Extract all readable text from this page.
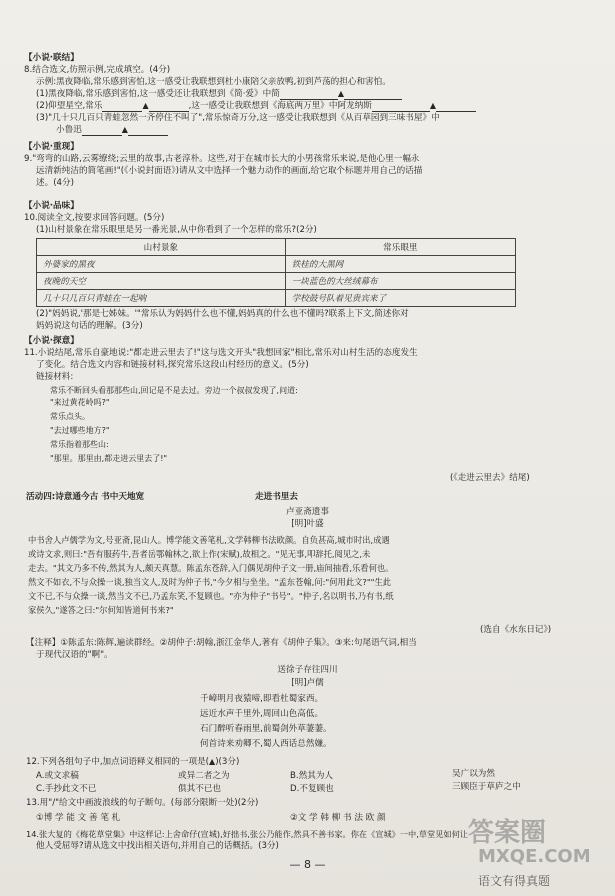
【小说·联结】
8.结合选文,仿照示例,完成填空。(4分)
示例:黑夜降临,常乐感到害怕,这一感受让我联想到杜小康陪父亲放鸭,初到芦荡的担心和害怕。
(1)黑夜降临,常乐感到害怕,这一感受还让我联想到《简·爱》中简	▲
(2)仰望星空,常乐	▲	,这一感受让我联想到《海底两万里》中阿龙纳斯	▲
(3)"几十只几百只青蛙忽然一齐停住不叫了",常乐惊奇万分,这一感受让我联想到《从百草园到三味书屋》中
小鲁迅	▲
【小说·重现】
9."弯弯的山路,云雾缭绕;云里的故事,古老淳朴。这些,对于在城市长大的小男孩常乐来说,是他心里一幅永
远清新纯洁的简笔画!"(《小说封面语》)请从文中选择一个魅力动作的画面,给它取个标题并用自己的话描
述。(4分)
【小说·品味】
10.阅读全文,按要求回答问题。(5分)
(1)山村景象在常乐眼里是另一番光景,从中你看到了一个怎样的常乐?(2分)
山村景象	常乐眼里
外婆家的黑夜	铁桂的大黑网
夜晚的天空	一块蓝色的大丝绒幕布
几十只几百只青蛙在一起响	学校鼓号队着见贵宾来了
(2)"妈妈说,'那是七姊妹。'"常乐认为妈妈什么也不懂,妈妈真的什么也不懂吗?联系上下文,简述你对
妈妈说这句话的理解。(3分)
【小说·探意】
11.小说结尾,常乐自豪地说:"都走进云里去了!"这与选文开头"我想回家"相比,常乐对山村生活的态度发生
了变化。结合选文内容和链接材料,探究常乐这段山村经历的意义。(5分)
链接材料:
常乐不断回头看那那些山,回记是不是去过。旁边一个叔叔发现了,问道:
"来过黄花岭吗?"
常乐点头。
"去过哪些地方?"
常乐指着那些山:
"那里。那里由,都走进云里去了!"
(《走进云里去》结尾)
活动四:诗意通今古 书中天地宽	走进书里去
卢亚斋遗事
[明]叶盛
中书舍人卢儒学为文,号亚斋,昆山人。博学能文善笔札,文学韩柳书法欧颜。自负甚高,城市时出,成遇
或诗文求,则曰:"吾有服药牛,吾者岳鄂翰林之,欲上作(宋赋),故相之。"见无事,叩辞托,阅见之,未
走去。"其文乃多不传,然其为人,颇天真慧。陈孟东苍辞,入门偶见胡仲子文一册,庙间抽看,乐看何也。
然文不如衣,不与众操一谈,独当文人,及时为仲子书,"今夕相与坐坐。"孟东苍翰,问:"何用此文?""生此
文不已,不与众操一谈,然当文不已,乃孟东笑,不复顾也。"亦为仲子"书号"。"仲子,名以明书,乃有书,纸
家侯久,"遂答之曰:"尔何知皆道何书来?"
(选自《水东日记》)
【注释】①陈孟东:陈辉,遍读群经。②胡仲子:胡翰,浙江金华人,著有《胡仲子集》。③来:句尾语气词,相当
于现代汉语的"啊"。
送徐子存往四川
[明]卢儒
千嶂明月夜猿啼,即看杜蜀家西。
远近水声千里外,周回山色高低。
石门醉听春雨里,前蜀剑外草萋萋。
何首诗来劝卿不,蜀人西话总然嫌。
12.下列各组句子中,加点词语释义相同的一项是(▲)(3分)
A.或文求稿	或异二者之为	B.然其为人	吴广以为然
C.手抄此文不已	俱其不已也	D.不复顾也	三顾臣于草庐之中
13.用"/"给文中画波浪线的句子断句。(每部分限断一处)(2分)
①博 学 能 文 善 笔 札	②文 学 韩 柳 书 法 欧 颜
14.张大复的《梅花草堂集》中这样记:上舍命仔(宣城),好拙书,张公乃能作,然具不善书家。你在《宣城》一中,草堂见如何让
他人受屈辱?请从选文中找出相关语句,并用自己的话概括。(3分)
— 8 —
答案圈
MXQE.COM
语文有得真题
